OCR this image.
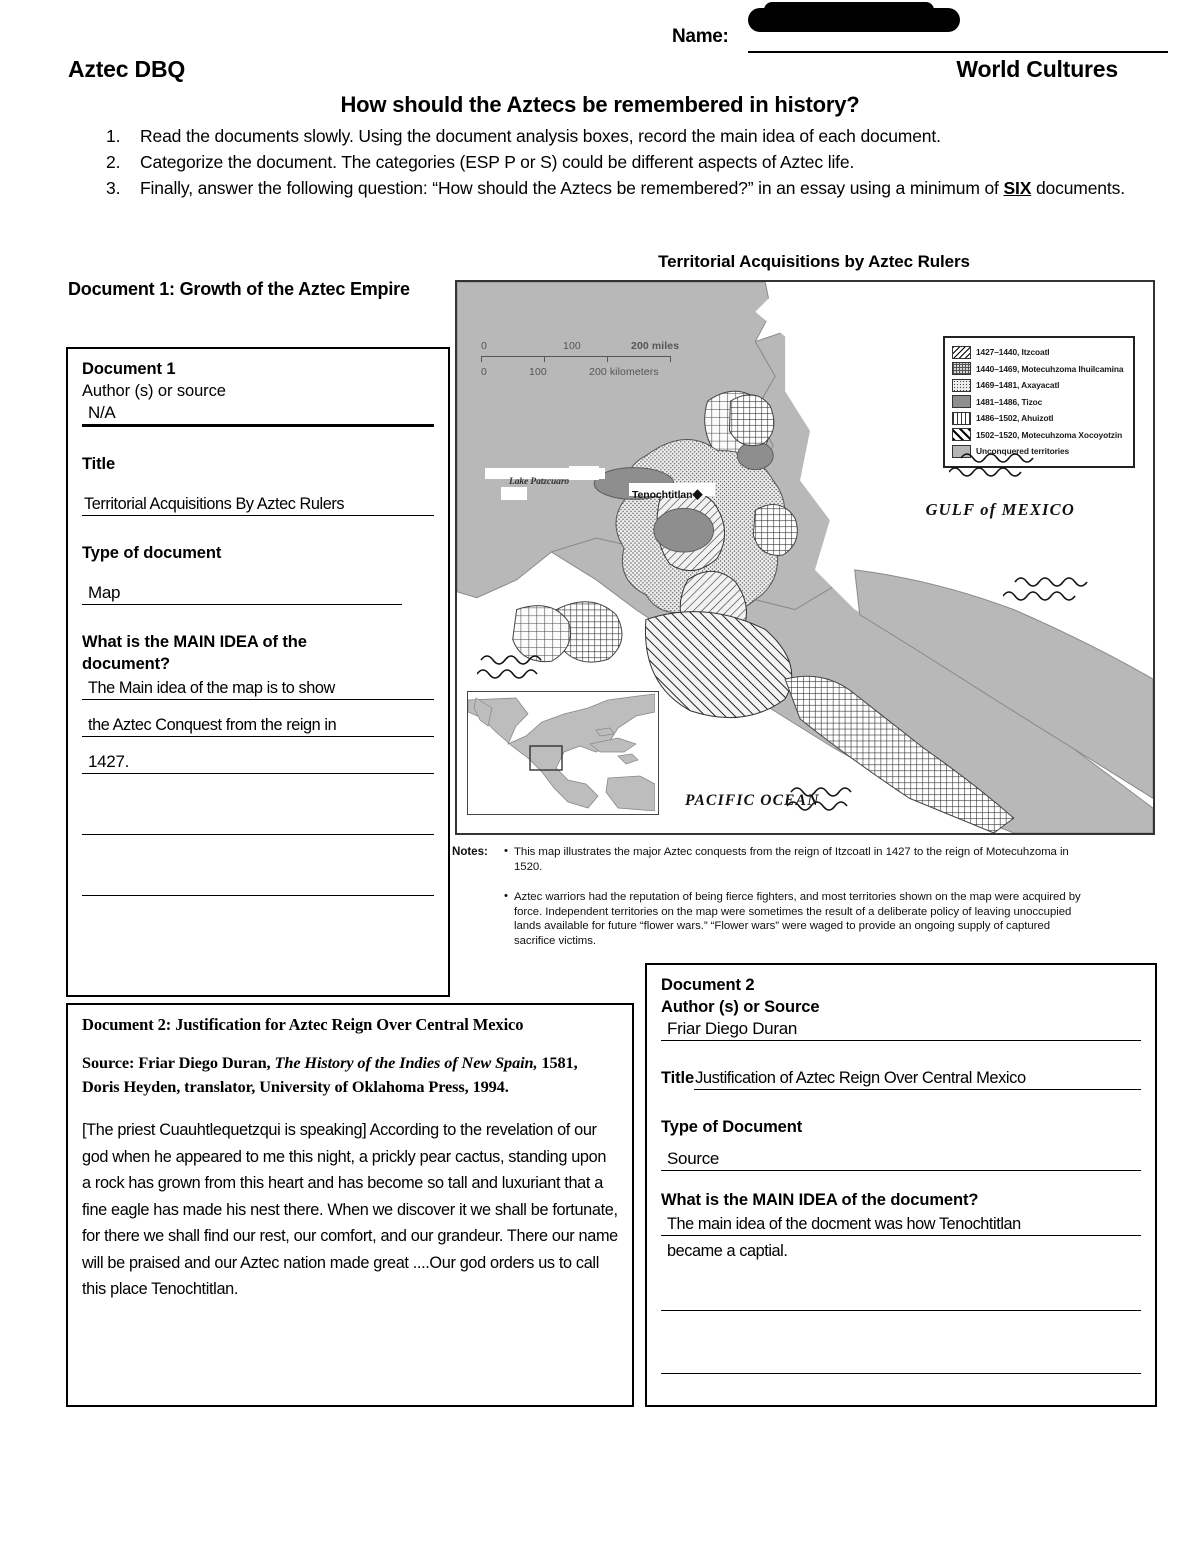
Name:
Aztec DBQ	World Cultures
How should the Aztecs be remembered in history?
1. Read the documents slowly. Using the document analysis boxes, record the main idea of each document.
2. Categorize the document. The categories (ESP P or S) could be different aspects of Aztec life.
3. Finally, answer the following question: “How should the Aztecs be remembered?” in an essay using a minimum of SIX documents.
Document 1: Growth of the Aztec Empire
Document 1
Author (s) or source
N/A
Title
Territorial Acquisitions By Aztec Rulers
Type of document
Map
What is the MAIN IDEA of the document?
The Main idea of the map is to show
the Aztec Conquest from the reign in
1427.

Territorial Acquisitions by Aztec Rulers
0	100	200 miles
0	100	200 kilometers
1427–1440, Itzcoatl
1440–1469, Motecuhzoma Ihuilcamina
1469–1481, Axayacatl
1481–1486, Tizoc
1486–1502, Ahuizotl
1502–1520, Motecuhzoma Xocoyotzin
Unconquered territories
GULF of MEXICO
PACIFIC OCEAN
Lake Patzcuaro
Tenochtitlan◆
Notes:	• This map illustrates the major Aztec conquests from the reign of Itzcoatl in 1427 to the reign of Motecuhzoma in 1520.
• Aztec warriors had the reputation of being fierce fighters, and most territories shown on the map were acquired by force. Independent territories on the map were sometimes the result of a deliberate policy of leaving unoccupied lands available for future “flower wars.” “Flower wars” were waged to provide an ongoing supply of captured sacrifice victims.
Document 2: Justification for Aztec Reign Over Central Mexico
Source: Friar Diego Duran, The History of the Indies of New Spain, 1581, Doris Heyden, translator, University of Oklahoma Press, 1994.
[The priest Cuauhtlequetzqui is speaking] According to the revelation of our god when he appeared to me this night, a prickly pear cactus, standing upon a rock has grown from this heart and has become so tall and luxuriant that a fine eagle has made his nest there. When we discover it we shall be fortunate, for there we shall find our rest, our comfort, and our grandeur. There our name will be praised and our Aztec nation made great ....Our god orders us to call this place Tenochtitlan.
Document 2
Author (s) or Source
Friar Diego Duran
Title Justification of Aztec Reign Over Central Mexico
Type of Document
Source
What is the MAIN IDEA of the document?
The main idea of the docment was how Tenochtitlan
became a captial.
